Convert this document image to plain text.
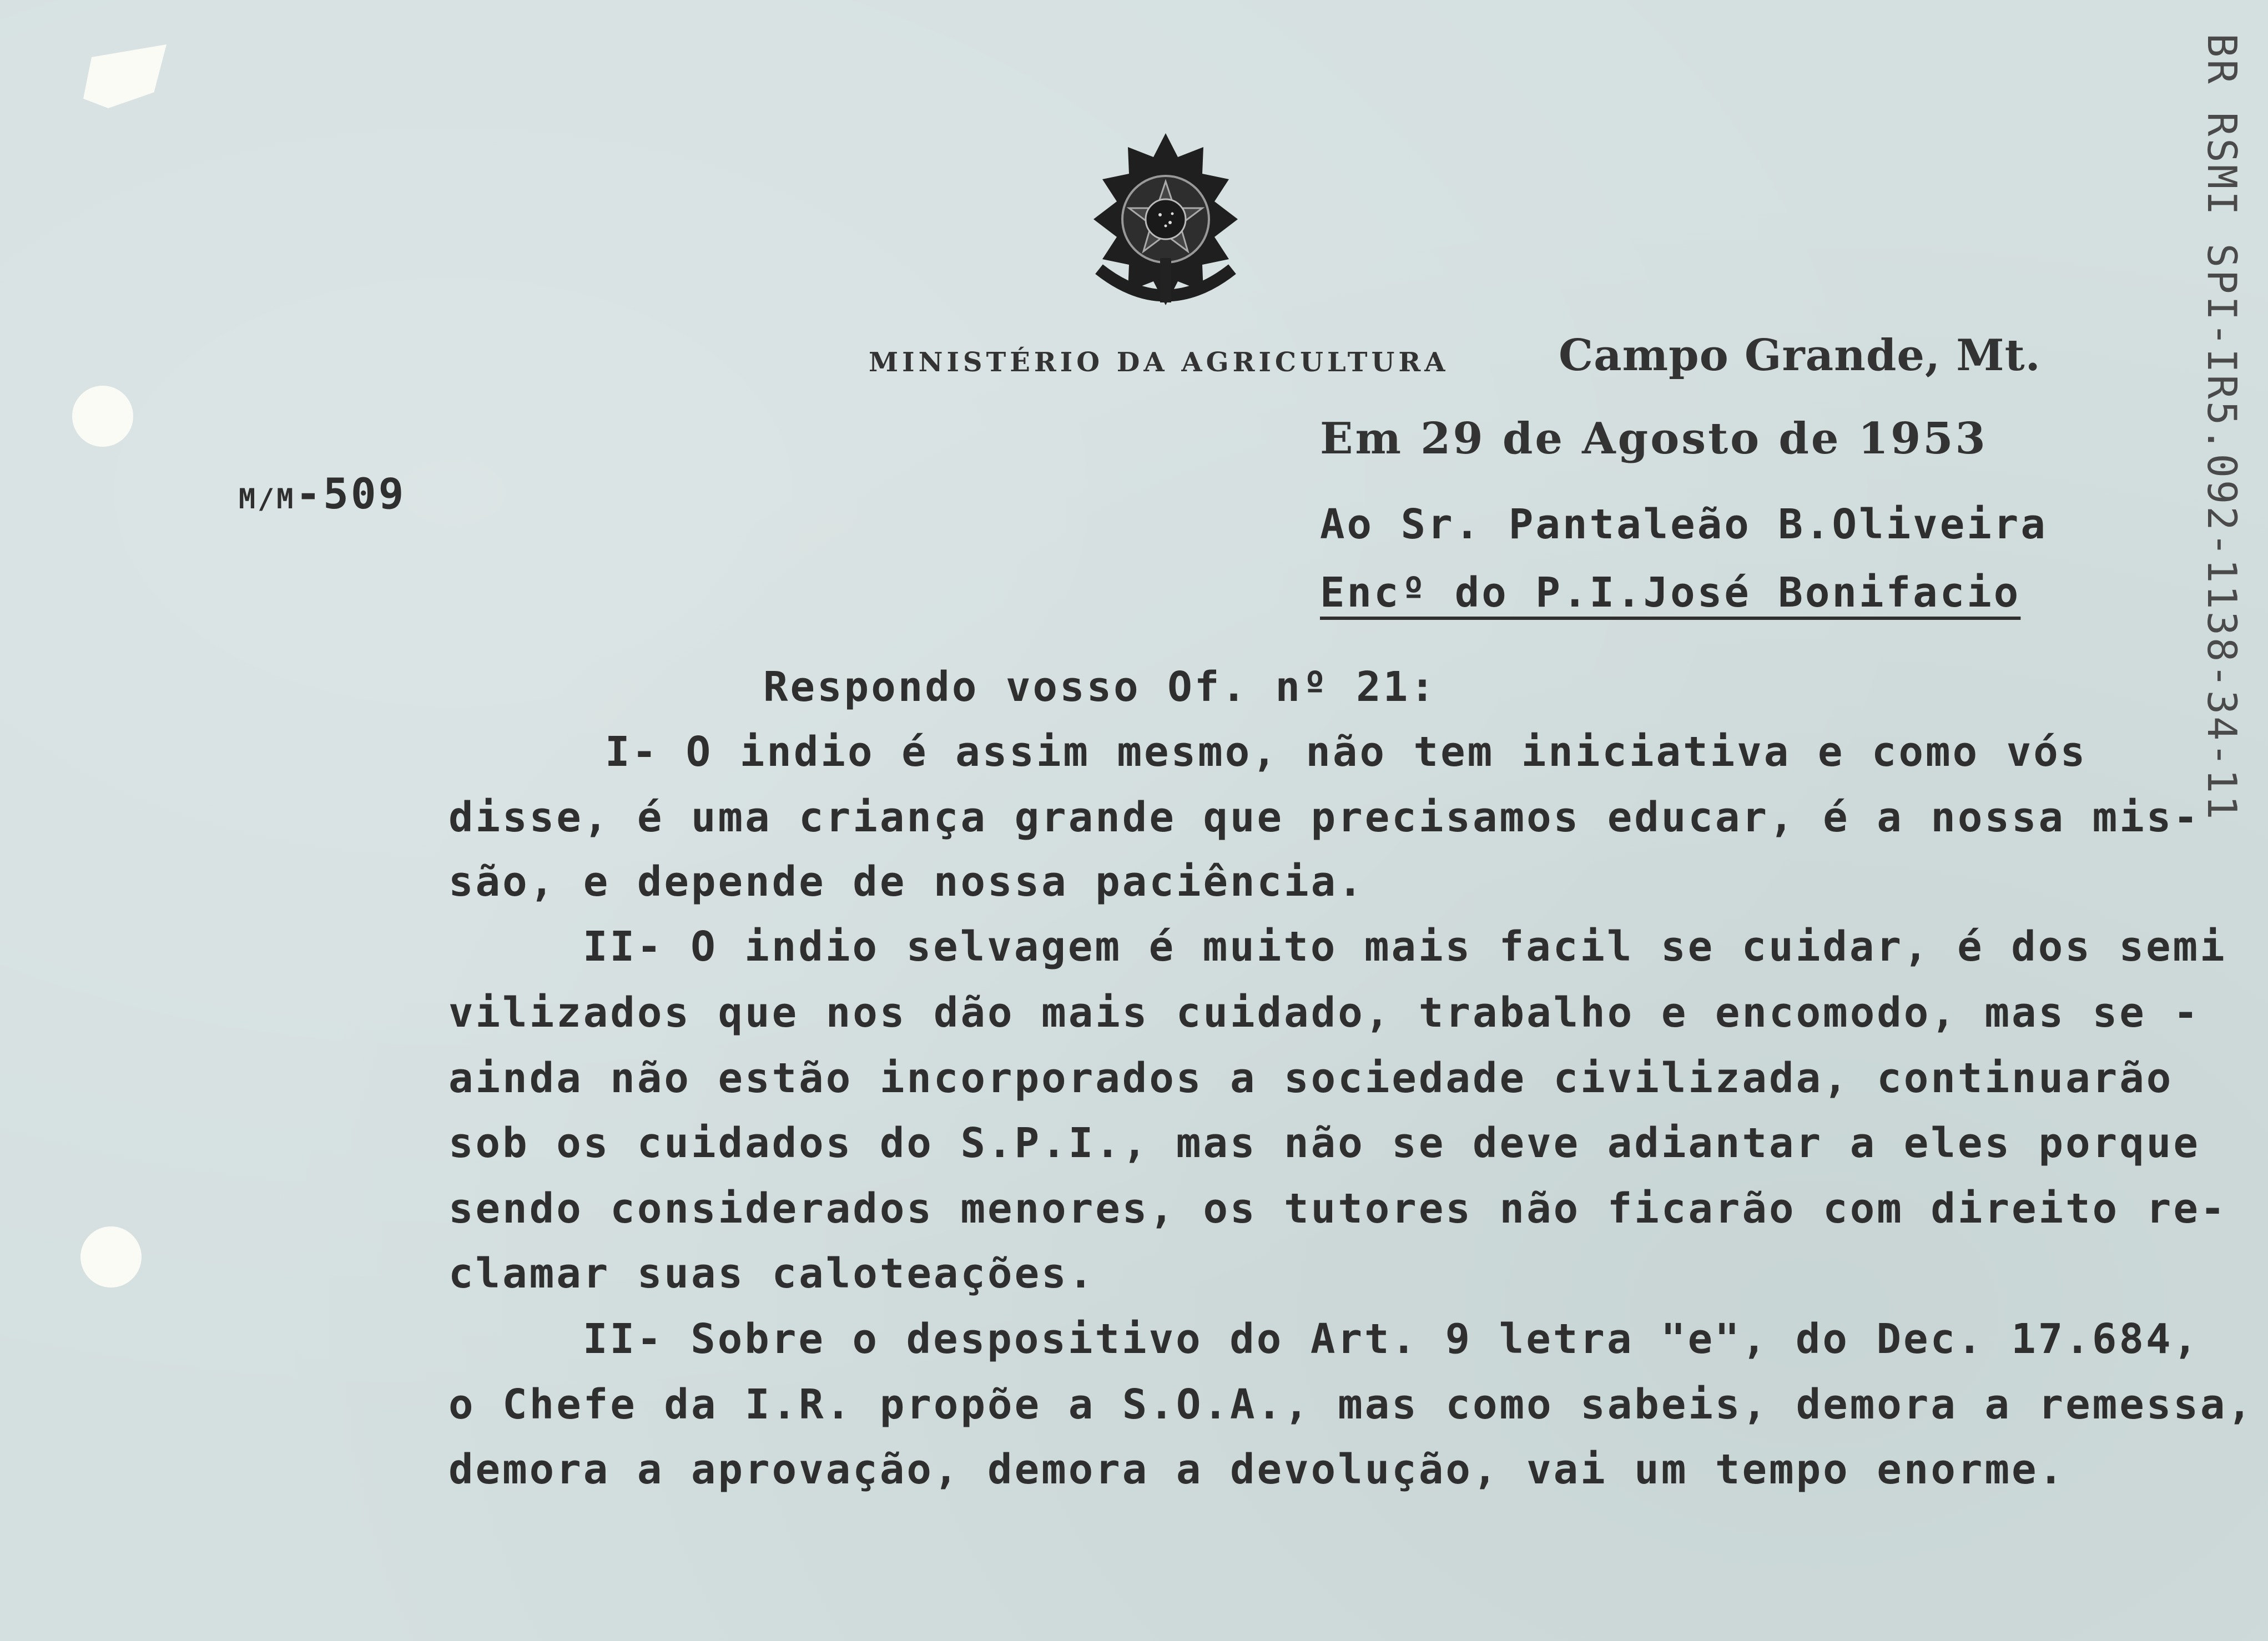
MINISTÉRIO DA AGRICULTURA	Campo Grande, Mt.
Em 29 de Agosto de 1953
M/M-509
Ao Sr. Pantaleão B.Oliveira
Encº do P.I.José Bonifacio
Respondo vosso Of. nº 21:
I- O indio é assim mesmo, não tem iniciativa e como vós
disse, é uma criança grande que precisamos educar, é a nossa mis-
são, e depende de nossa paciência.
II- O indio selvagem é muito mais facil se cuidar, é dos semi
vilizados que nos dão mais cuidado, trabalho e encomodo, mas se -
ainda não estão incorporados a sociedade civilizada, continuarão
sob os cuidados do S.P.I., mas não se deve adiantar a eles porque
sendo considerados menores, os tutores não ficarão com direito re-
clamar suas caloteações.
II- Sobre o despositivo do Art. 9 letra "e", do Dec. 17.684,
o Chefe da I.R. propõe a S.O.A., mas como sabeis, demora a remessa,
demora a aprovação, demora a devolução, vai um tempo enorme.
BR RSMI SPI-IR5.092-1138-34-11
